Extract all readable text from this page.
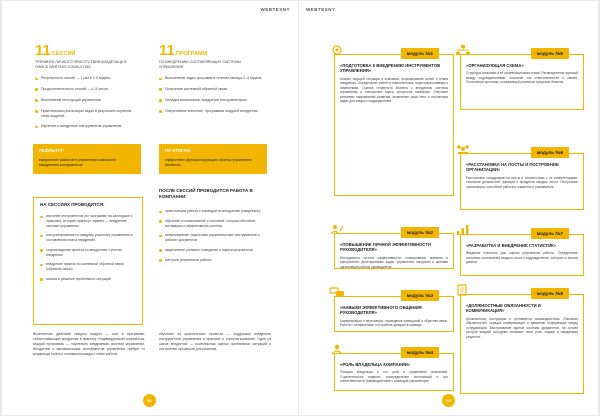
WEBTEXNY
11СЕССИЙ
ТРЕНИНГИ ЛИЧНОГО ПРИСУТСТВИЯ ВЛАДЕЛЬЦА В ОФИСЕ WEBTEKS CONSULTING
Регулярность сессий — 1 раз в 2-3 недели
Продолжительность сессий — 4–5 часов
Выполнение инструкций управления
Практическая реализация задач в результате изучения темы модулей
Изучение и внедрение инструментов управления
РЕЗУЛЬТАТ:
ежедневное развитие в управлении компанией внедрением инструментов
11ПРОГРАММ
ПО ВНЕДРЕНИЮ СОСТАВЛЯЮЩИХ СИСТЕМЫ УПРАВЛЕНИЯ
Выполнение задач программ в течение месяца 2–3 недель
Получение системной обратной связи
Наладка механизмов, внедрение инструментария
Оперативное внесение, программах модулей внедрения
ПО ИТОГАМ:
эффективно функционирующая система управления бизнесом
НА СЕССИЯХ ПРОВОДИТСЯ:
изучение инструментов (по программе на календаре и практике), которые принесут эффект — внедрение системы управления
консультирование по каждому участнику управления и составлению плана внедрения
сопровождение проекта по внедрению с учетом внедрения
внедрение практик по системной обратной связи (обратная связь)
анализ и решение проблемных ситуаций
ПОСЛЕ СЕССИЙ ПРОВОДИТСЯ РАБОТА В КОМПАНИИ:
практическая работа с командой по внедрению (ежедневно)
обучение и ознакомление с системой, которая обеспечит мотивацию и эффективную систему
использование, подготовка управленческих инструментов и рабочих документов
закрепление ролевого поведения и оценка результатов
контроль результатов работы
Выполнение действий каждого модуля — шаг в программе, обеспечивающий внедрение в практику. Индивидуальная разработка, каждой программы — тщательно внедряемая система управления. Внедрение и автоматизация инструментов управления требует от владельца полного понимания каждого этапа работы.
обучение на практических проектах — поддержка внедрения инструментов управления в практике и консультирование. Один из шагов внедрения — комплексная оценка проблемных ситуаций и построение процессов для решения.
62
WEBTEXNY
модуль №1
«ПОДГОТОВКА К ВНЕДРЕНИЮ ИНСТРУМЕНТОВ УПРАВЛЕНИЯ»
Анализ текущей ситуации в компании, формирование целей и плана внедрения. Определение ролей и ответственных, подготовка команды к изменениям. Оценка готовности бизнеса к внедрению системы управления и построение карты процессов компании. Описание ключевых направлений развития, выявление узких мест и постановка задач для каждого подразделения.
модуль №2
«ПОВЫШЕНИЕ ЛИЧНОЙ ЭФФЕКТИВНОСТИ РУКОВОДИТЕЛЯ»
Инструменты личной эффективности, планирование времени и приоритетов. Делегирование задач, управление нагрузкой и целевая организация работы руководителя.
модуль №3
«НАВЫКИ ЭФФЕКТИВНОГО ОБЩЕНИЯ РУКОВОДИТЕЛЯ»
Коммуникации и переговоры, проведение совещаний и обратная связь. Работа с конфликтами, построение доверия в команде.
модуль №4
«РОЛЬ ВЛАДЕЛЬЦА КОМПАНИИ»
Позиция владельца и его роль в управлении компанией. Стратегическое видение, распределение полномочий и зон ответственности, взаимодействие с командой управленцев.
модуль №5
«ОРГАНИЗУЮЩАЯ СХЕМА»
Структура компании и её организационная схема. Распределение функций между подразделениями, описание зон ответственности и связей. Построение оргсхемы, отражающей реальные процессы бизнеса.
модуль №6
«РАССТАНОВКА НА ПОСТЫ И ПОСТРОЕНИЕ ОРГАНИЗАЦИИ»
Расстановка сотрудников на посты в соответствии с их компетенциями. Описание должностей, функций и продуктов каждого поста. Построение организации, способной работать слаженно и развиваться.
модуль №7
«РАЗРАБОТКА И ВНЕДРЕНИЕ СТАТИСТИК»
Введение статистик для оценки результатов работы. Определение ключевых показателей каждого поста и подразделения, контроль и анализ данных.
модуль №8
«ДОЛЖНОСТНЫЕ ОБЯЗАННОСТИ И КОММУНИКАЦИЯ»
Должностные инструкции и регламенты взаимодействия. Описание обязанностей, порядка коммуникации и движения информации между сотрудниками. Выстраивание единой системы документов, на основе которой каждый сотрудник понимает свою роль, задачи и ожидаемый результат.
64
